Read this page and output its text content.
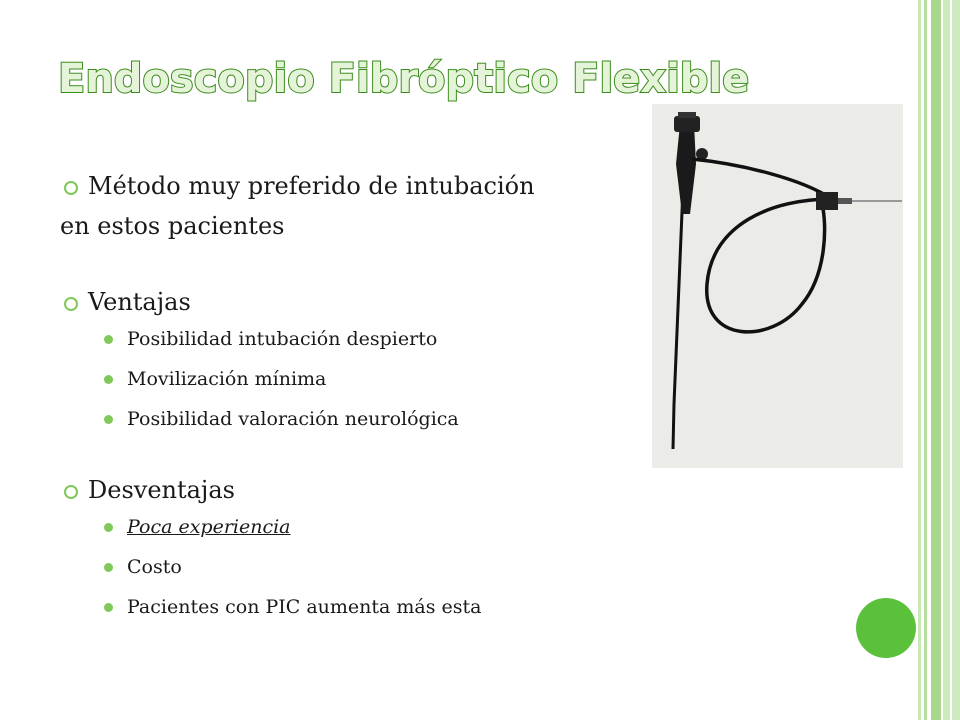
Endoscopio Fibróptico Flexible
Método muy preferido de intubación
en estos pacientes
Ventajas
Posibilidad intubación despierto
Movilización mínima
Posibilidad valoración neurológica
Desventajas
Poca experiencia
Costo
Pacientes con PIC aumenta más esta
